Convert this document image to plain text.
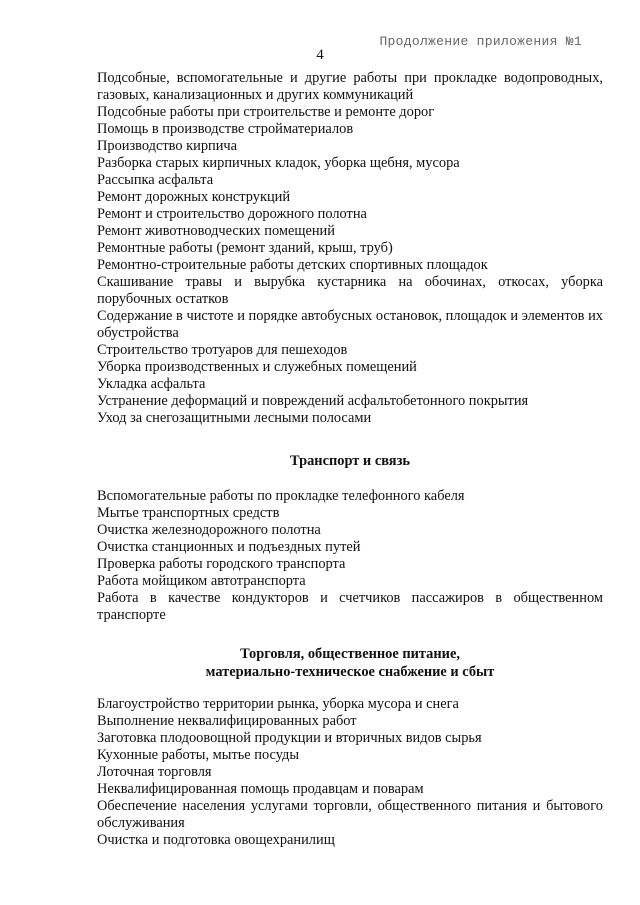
Продолжение приложения №1
4

Подсобные, вспомогательные и другие работы при прокладке водопроводных, газовых, канализационных и других коммуникаций

Подсобные работы при строительстве и ремонте дорог

Помощь в производстве стройматериалов

Производство кирпича

Разборка старых кирпичных кладок, уборка щебня, мусора

Рассыпка асфальта

Ремонт дорожных конструкций

Ремонт и строительство дорожного полотна

Ремонт животноводческих помещений

Ремонтные работы (ремонт зданий, крыш, труб)

Ремонтно-строительные работы детских спортивных площадок

Скашивание травы и вырубка кустарника на обочинах, откосах, уборка порубочных остатков

Содержание в чистоте и порядке автобусных остановок, площадок и элементов их обустройства

Строительство тротуаров для пешеходов

Уборка производственных и служебных помещений

Укладка асфальта

Устранение деформаций и повреждений асфальтобетонного покрытия

Уход за снегозащитными лесными полосами

Транспорт и связь

Вспомогательные работы по прокладке телефонного кабеля

Мытье транспортных средств

Очистка железнодорожного полотна

Очистка станционных и подъездных путей

Проверка работы городского транспорта

Работа мойщиком автотранспорта

Работа в качестве кондукторов и счетчиков пассажиров в общественном транспорте

Торговля, общественное питание,

материально-техническое снабжение и сбыт

Благоустройство территории рынка, уборка мусора и снега

Выполнение неквалифицированных работ

Заготовка плодоовощной продукции и вторичных видов сырья

Кухонные работы, мытье посуды

Лоточная торговля

Неквалифицированная помощь продавцам и поварам

Обеспечение населения услугами торговли, общественного питания и бытового обслуживания

Очистка и подготовка овощехранилищ
